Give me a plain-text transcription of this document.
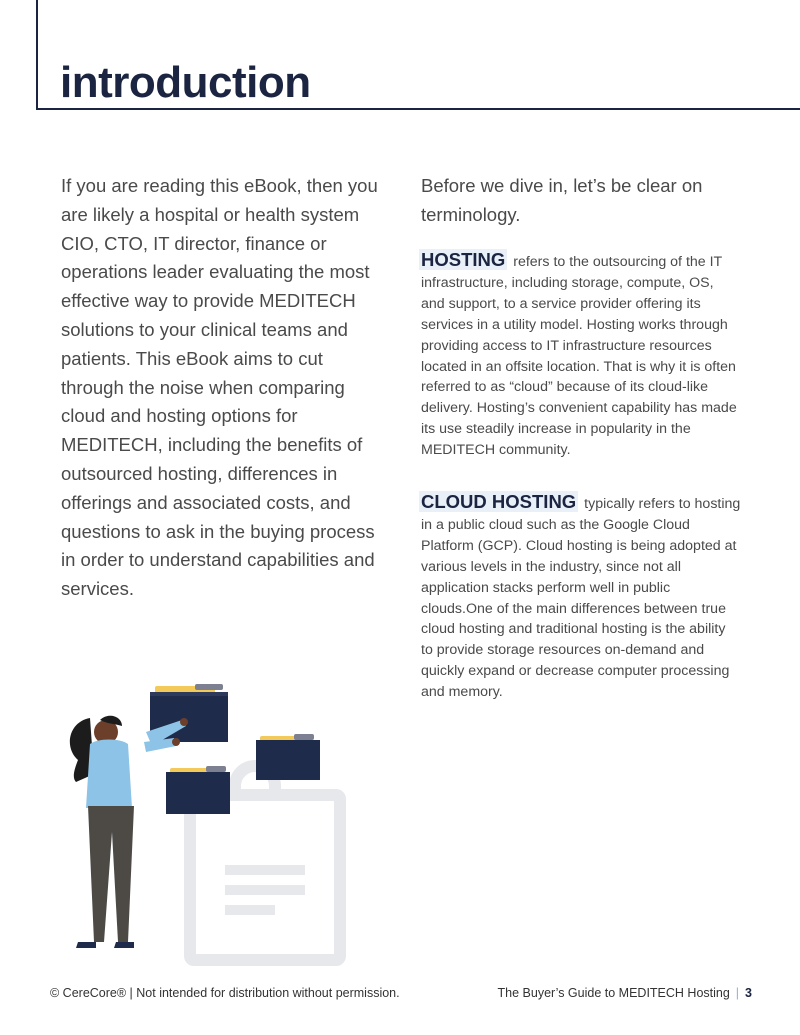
introduction

If you are reading this eBook, then you are likely a hospital or health system CIO, CTO, IT director, finance or operations leader evaluating the most effective way to provide MEDITECH solutions to your clinical teams and patients. This eBook aims to cut through the noise when comparing cloud and hosting options for MEDITECH, including the benefits of outsourced hosting, differences in offerings and associated costs, and questions to ask in the buying process in order to understand capabilities and services.

Before we dive in, let’s be clear on terminology.

HOSTING refers to the outsourcing of the IT infrastructure, including storage, compute, OS, and support, to a service provider offering its services in a utility model. Hosting works through providing access to IT infrastructure resources located in an offsite location. That is why it is often referred to as “cloud” because of its cloud-like delivery. Hosting’s convenient capability has made its use steadily increase in popularity in the MEDITECH community.

CLOUD HOSTING typically refers to hosting in a public cloud such as the Google Cloud Platform (GCP). Cloud hosting is being adopted at various levels in the industry, since not all application stacks perform well in public clouds.One of the main differences between true cloud hosting and traditional hosting is the ability to provide storage resources on-demand and quickly expand or decrease computer processing and memory.

© CereCore® | Not intended for distribution without permission.	The Buyer’s Guide to MEDITECH Hosting | 3
